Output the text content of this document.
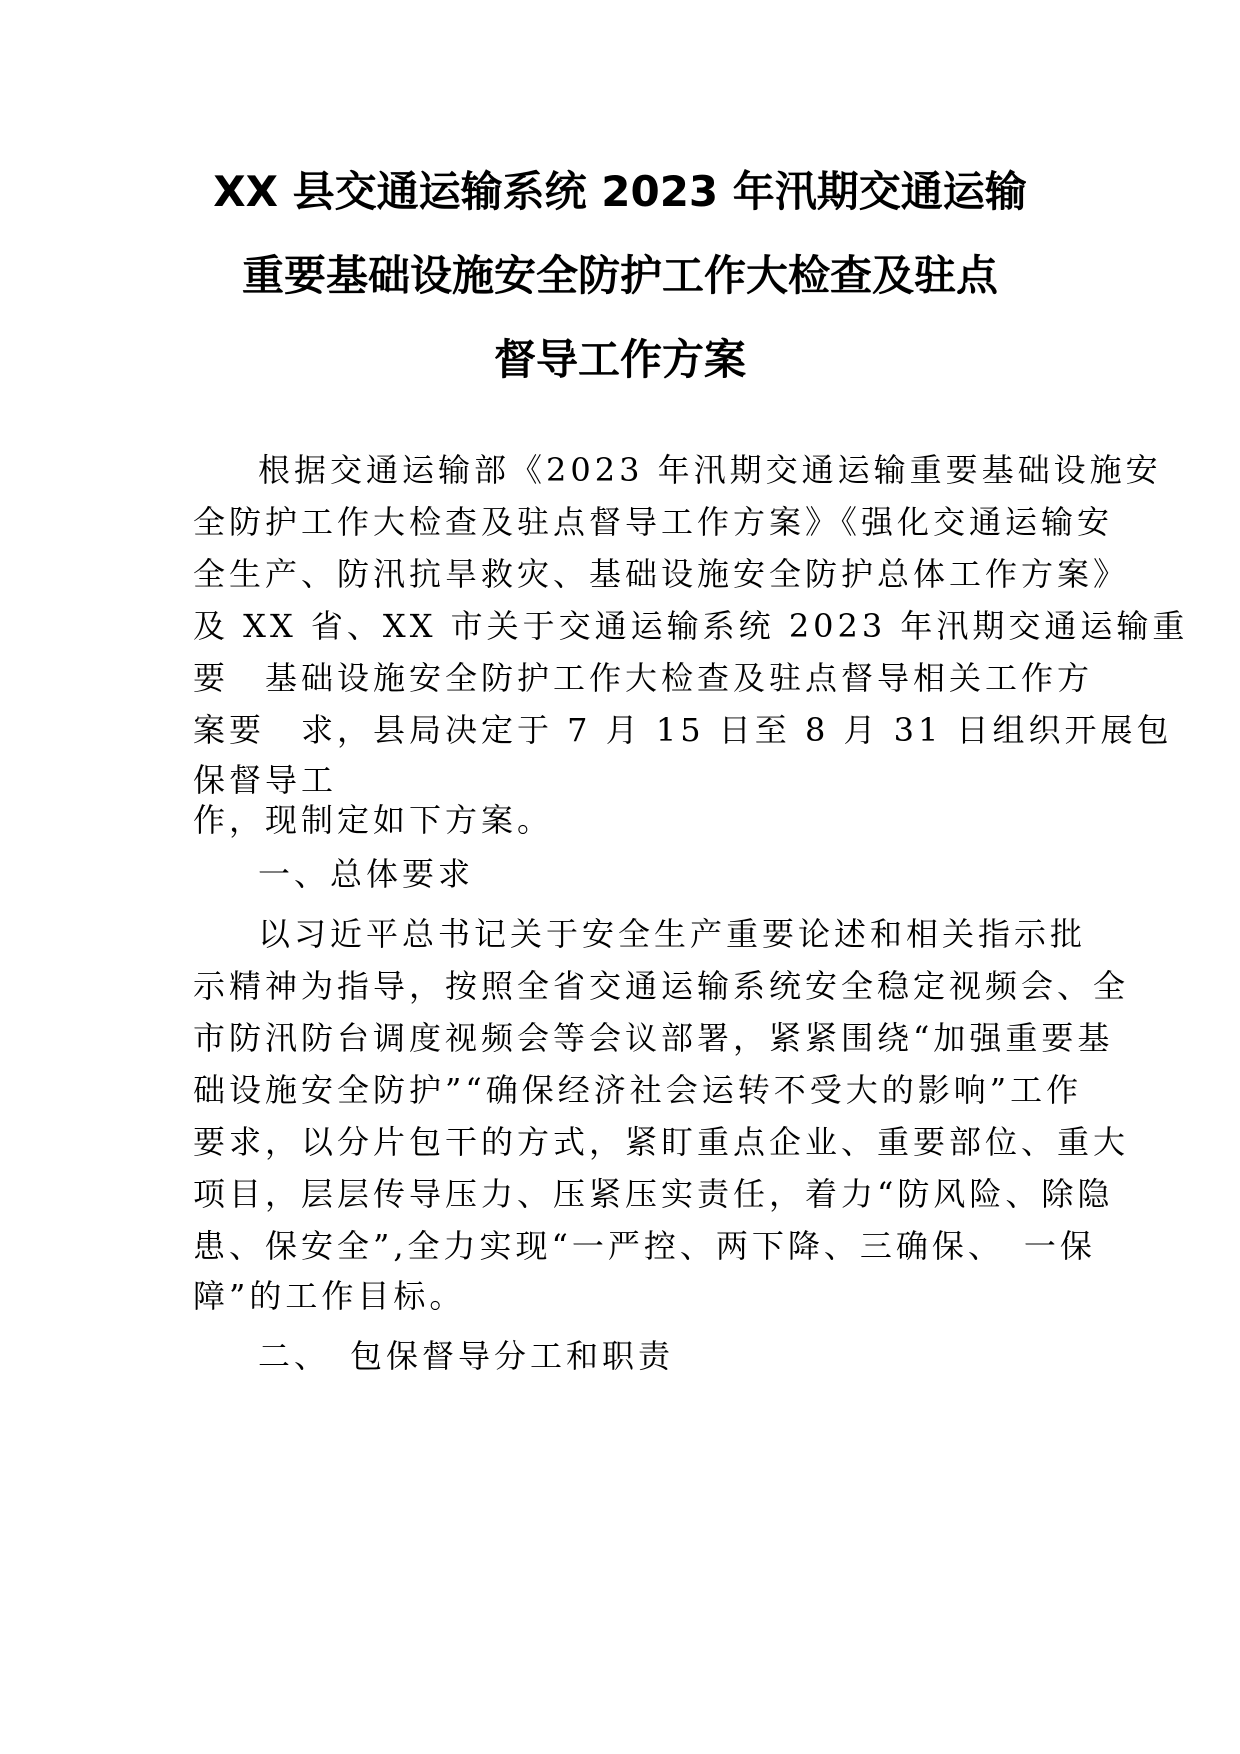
XX 县交通运输系统 2023 年汛期交通运输
重要基础设施安全防护工作大检查及驻点
督导工作方案
根据交通运输部《2023 年汛期交通运输重要基础设施安
全防护工作大检查及驻点督导工作方案》《强化交通运输安
全生产、防汛抗旱救灾、基础设施安全防护总体工作方案》
及 XX 省、XX 市关于交通运输系统 2023 年汛期交通运输重
要　基础设施安全防护工作大检查及驻点督导相关工作方
案要　求，县局决定于 7 月 15 日至 8 月 31 日组织开展包
保督导工
作，现制定如下方案。
一、总体要求
以习近平总书记关于安全生产重要论述和相关指示批
示精神为指导，按照全省交通运输系统安全稳定视频会、全
市防汛防台调度视频会等会议部署，紧紧围绕“加强重要基
础设施安全防护”“确保经济社会运转不受大的影响”工作
要求，以分片包干的方式，紧盯重点企业、重要部位、重大
项目，层层传导压力、压紧压实责任，着力“防风险、除隐
患、保安全”,全力实现“一严控、两下降、三确保、　一保
障”的工作目标。
二、　包保督导分工和职责
